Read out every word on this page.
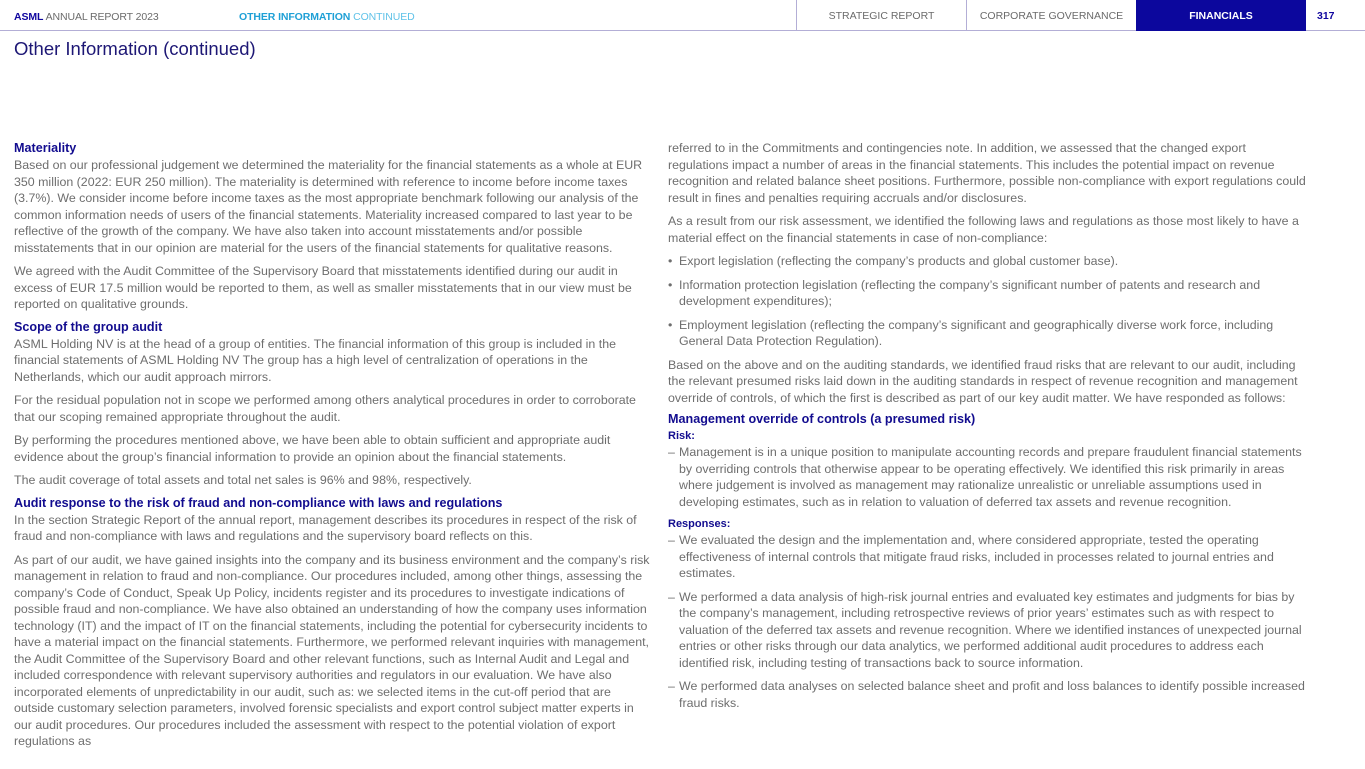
ASML ANNUAL REPORT 2023	OTHER INFORMATION CONTINUED	STRATEGIC REPORT	CORPORATE GOVERNANCE	FINANCIALS	317
Other Information (continued)
Materiality

Based on our professional judgement we determined the materiality for the financial statements as a whole at EUR 350 million (2022: EUR 250 million). The materiality is determined with reference to income before income taxes (3.7%). We consider income before income taxes as the most appropriate benchmark following our analysis of the common information needs of users of the financial statements. Materiality increased compared to last year to be reflective of the growth of the company. We have also taken into account misstatements and/or possible misstatements that in our opinion are material for the users of the financial statements for qualitative reasons.

We agreed with the Audit Committee of the Supervisory Board that misstatements identified during our audit in excess of EUR 17.5 million would be reported to them, as well as smaller misstatements that in our view must be reported on qualitative grounds.

Scope of the group audit

ASML Holding NV is at the head of a group of entities. The financial information of this group is included in the financial statements of ASML Holding NV The group has a high level of centralization of operations in the Netherlands, which our audit approach mirrors.

For the residual population not in scope we performed among others analytical procedures in order to corroborate that our scoping remained appropriate throughout the audit.

By performing the procedures mentioned above, we have been able to obtain sufficient and appropriate audit evidence about the group’s financial information to provide an opinion about the financial statements.

The audit coverage of total assets and total net sales is 96% and 98%, respectively.

Audit response to the risk of fraud and non-compliance with laws and regulations

In the section Strategic Report of the annual report, management describes its procedures in respect of the risk of fraud and non-compliance with laws and regulations and the supervisory board reflects on this.

As part of our audit, we have gained insights into the company and its business environment and the company’s risk management in relation to fraud and non-compliance. Our procedures included, among other things, assessing the company’s Code of Conduct, Speak Up Policy, incidents register and its procedures to investigate indications of possible fraud and non-compliance. We have also obtained an understanding of how the company uses information technology (IT) and the impact of IT on the financial statements, including the potential for cybersecurity incidents to have a material impact on the financial statements. Furthermore, we performed relevant inquiries with management, the Audit Committee of the Supervisory Board and other relevant functions, such as Internal Audit and Legal and included correspondence with relevant supervisory authorities and regulators in our evaluation. We have also incorporated elements of unpredictability in our audit, such as: we selected items in the cut-off period that are outside customary selection parameters, involved forensic specialists and export control subject matter experts in our audit procedures. Our procedures included the assessment with respect to the potential violation of export regulations as

referred to in the Commitments and contingencies note. In addition, we assessed that the changed export regulations impact a number of areas in the financial statements. This includes the potential impact on revenue recognition and related balance sheet positions. Furthermore, possible non-compliance with export regulations could result in fines and penalties requiring accruals and/or disclosures.

As a result from our risk assessment, we identified the following laws and regulations as those most likely to have a material effect on the financial statements in case of non-compliance:

• Export legislation (reflecting the company’s products and global customer base).
• Information protection legislation (reflecting the company’s significant number of patents and research and development expenditures);
• Employment legislation (reflecting the company’s significant and geographically diverse work force, including General Data Protection Regulation).

Based on the above and on the auditing standards, we identified fraud risks that are relevant to our audit, including the relevant presumed risks laid down in the auditing standards in respect of revenue recognition and management override of controls, of which the first is described as part of our key audit matter. We have responded as follows:

Management override of controls (a presumed risk)
Risk:
– Management is in a unique position to manipulate accounting records and prepare fraudulent financial statements by overriding controls that otherwise appear to be operating effectively. We identified this risk primarily in areas where judgement is involved as management may rationalize unrealistic or unreliable assumptions used in developing estimates, such as in relation to valuation of deferred tax assets and revenue recognition.
Responses:
– We evaluated the design and the implementation and, where considered appropriate, tested the operating effectiveness of internal controls that mitigate fraud risks, included in processes related to journal entries and estimates.
– We performed a data analysis of high-risk journal entries and evaluated key estimates and judgments for bias by the company’s management, including retrospective reviews of prior years’ estimates such as with respect to valuation of the deferred tax assets and revenue recognition. Where we identified instances of unexpected journal entries or other risks through our data analytics, we performed additional audit procedures to address each identified risk, including testing of transactions back to source information.
– We performed data analyses on selected balance sheet and profit and loss balances to identify possible increased fraud risks.
